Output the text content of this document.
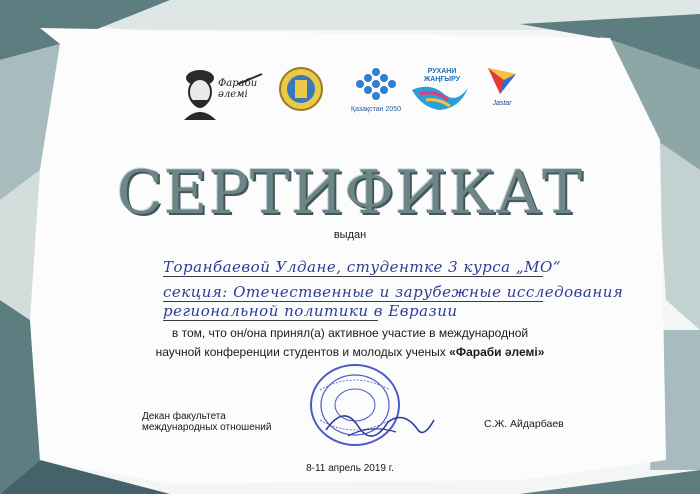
Фараби әлемі
Қазақстан 2050
РУХАНИ ЖАҢҒЫРУ
Jastar
СЕРТИФИКАТ
выдан
Торанбаевой Улдане, студентке 3 курса „МО“
секция: Отечественные и зарубежные исследования
региональной политики в Евразии
в том, что он/она принял(а) активное участие в международной
научной конференции студентов и молодых ученых «Фараби әлемі»
Декан факультета
международных отношений	С.Ж. Айдарбаев
8-11 апрель 2019 г.
